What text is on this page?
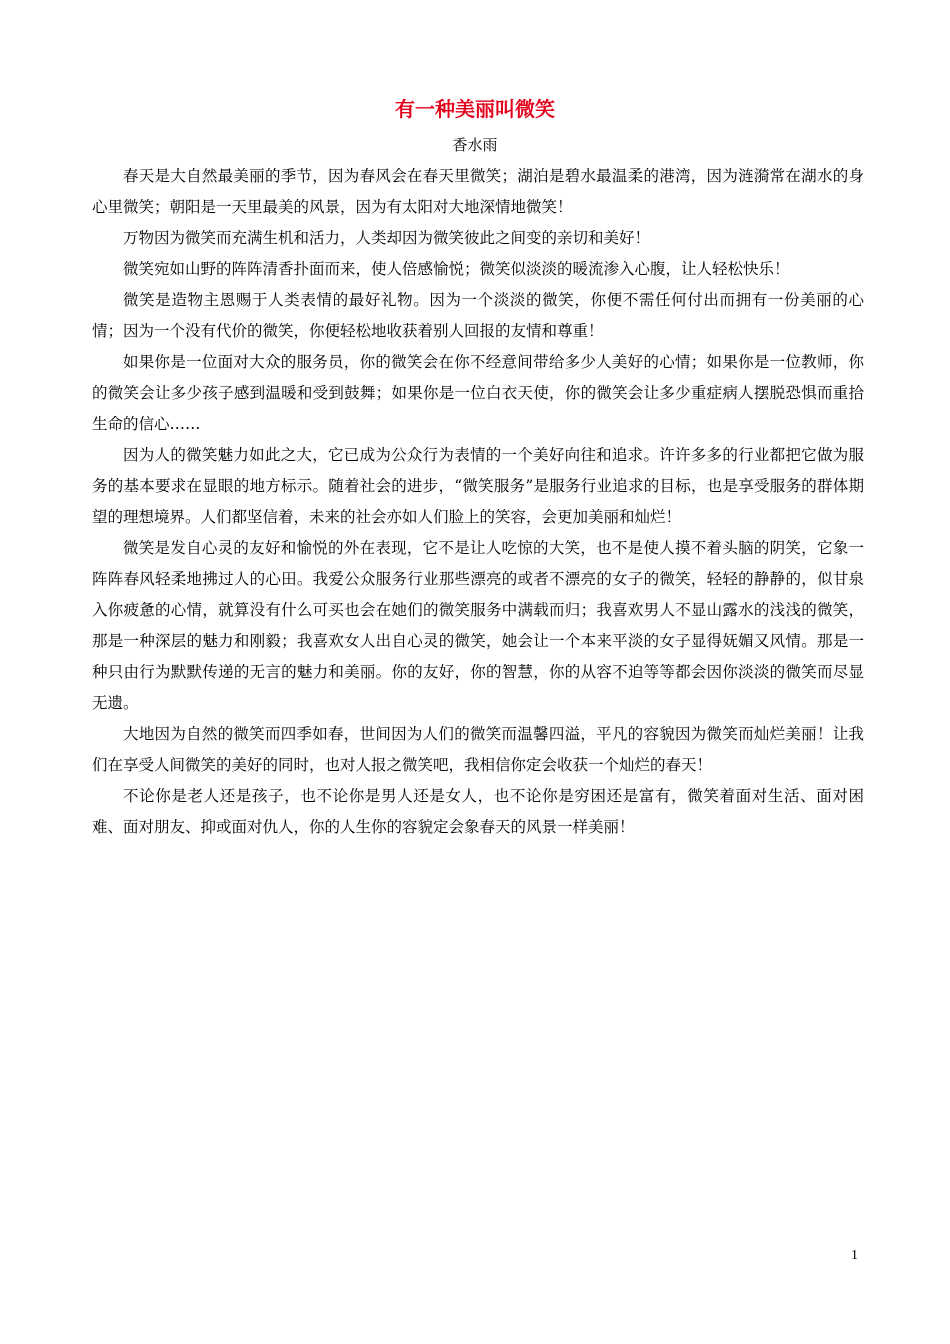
有一种美丽叫微笑
香水雨

春天是大自然最美丽的季节，因为春风会在春天里微笑；湖泊是碧水最温柔的港湾，因为涟漪常在湖水的身心里微笑；朝阳是一天里最美的风景，因为有太阳对大地深情地微笑！

万物因为微笑而充满生机和活力，人类却因为微笑彼此之间变的亲切和美好！

微笑宛如山野的阵阵清香扑面而来，使人倍感愉悦；微笑似淡淡的暖流渗入心腹，让人轻松快乐！

微笑是造物主恩赐于人类表情的最好礼物。因为一个淡淡的微笑，你便不需任何付出而拥有一份美丽的心情；因为一个没有代价的微笑，你便轻松地收获着别人回报的友情和尊重！

如果你是一位面对大众的服务员，你的微笑会在你不经意间带给多少人美好的心情；如果你是一位教师，你的微笑会让多少孩子感到温暖和受到鼓舞；如果你是一位白衣天使，你的微笑会让多少重症病人摆脱恐惧而重拾生命的信心……

因为人的微笑魅力如此之大，它已成为公众行为表情的一个美好向往和追求。许许多多的行业都把它做为服务的基本要求在显眼的地方标示。随着社会的进步，“微笑服务”是服务行业追求的目标，也是享受服务的群体期望的理想境界。人们都坚信着，未来的社会亦如人们脸上的笑容，会更加美丽和灿烂！

微笑是发自心灵的友好和愉悦的外在表现，它不是让人吃惊的大笑，也不是使人摸不着头脑的阴笑，它象一阵阵春风轻柔地拂过人的心田。我爱公众服务行业那些漂亮的或者不漂亮的女子的微笑，轻轻的静静的，似甘泉入你疲惫的心情，就算没有什么可买也会在她们的微笑服务中满载而归；我喜欢男人不显山露水的浅浅的微笑，那是一种深层的魅力和刚毅；我喜欢女人出自心灵的微笑，她会让一个本来平淡的女子显得妩媚又风情。那是一种只由行为默默传递的无言的魅力和美丽。你的友好，你的智慧，你的从容不迫等等都会因你淡淡的微笑而尽显无遗。

大地因为自然的微笑而四季如春，世间因为人们的微笑而温馨四溢，平凡的容貌因为微笑而灿烂美丽！让我们在享受人间微笑的美好的同时，也对人报之微笑吧，我相信你定会收获一个灿烂的春天！

不论你是老人还是孩子，也不论你是男人还是女人，也不论你是穷困还是富有，微笑着面对生活、面对困难、面对朋友、抑或面对仇人，你的人生你的容貌定会象春天的风景一样美丽！

1
